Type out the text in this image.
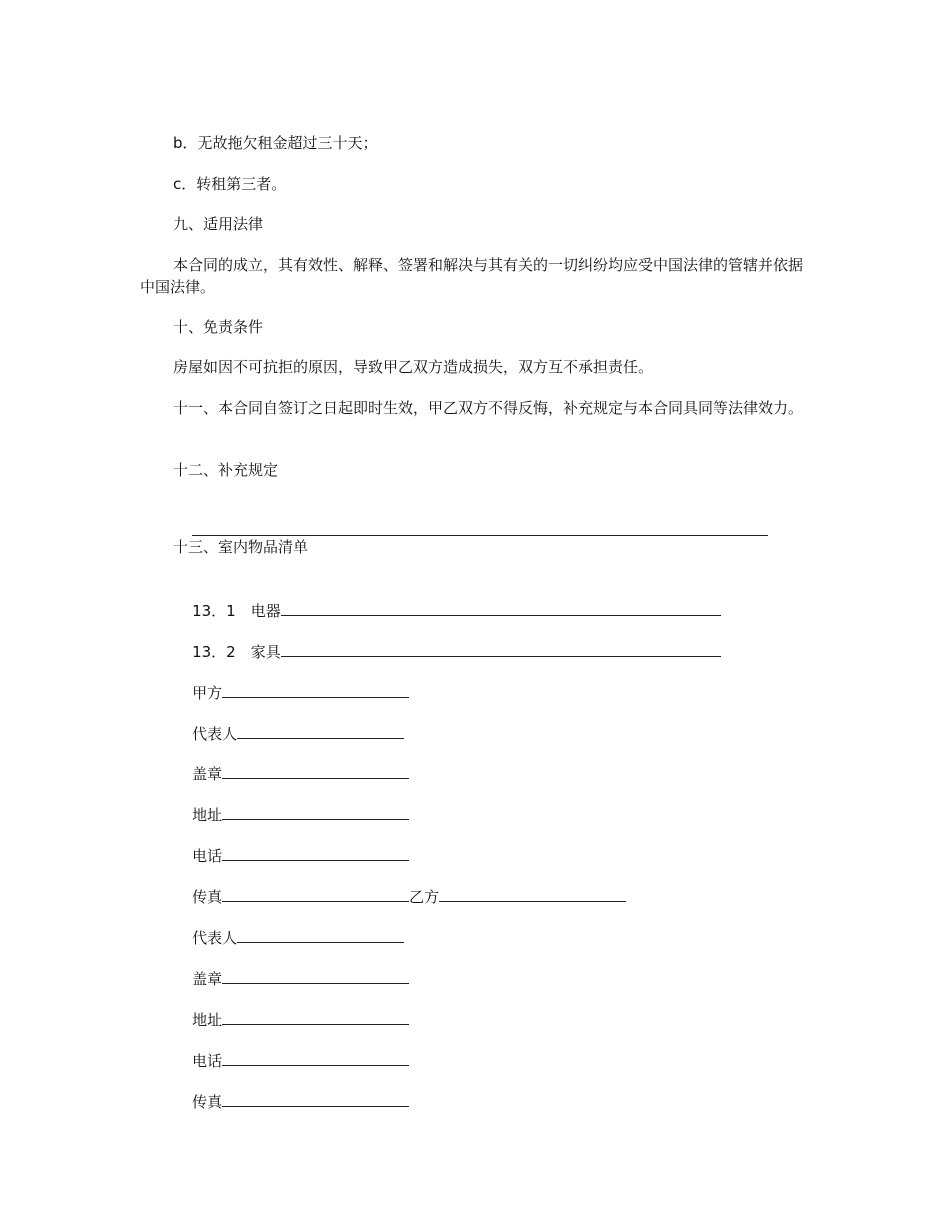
b．无故拖欠租金超过三十天；

c．转租第三者。

九、适用法律

本合同的成立，其有效性、解释、签署和解决与其有关的一切纠纷均应受中国法律的管辖并依据中国法律。

十、免责条件

房屋如因不可抗拒的原因，导致甲乙双方造成损失，双方互不承担责任。

十一、本合同自签订之日起即时生效，甲乙双方不得反悔，补充规定与本合同具同等法律效力。

十二、补充规定

十三、室内物品清单

13．1　电器

13．2　家具

甲方

代表人

盖章

地址

电话

传真	乙方

代表人

盖章

地址

电话

传真
